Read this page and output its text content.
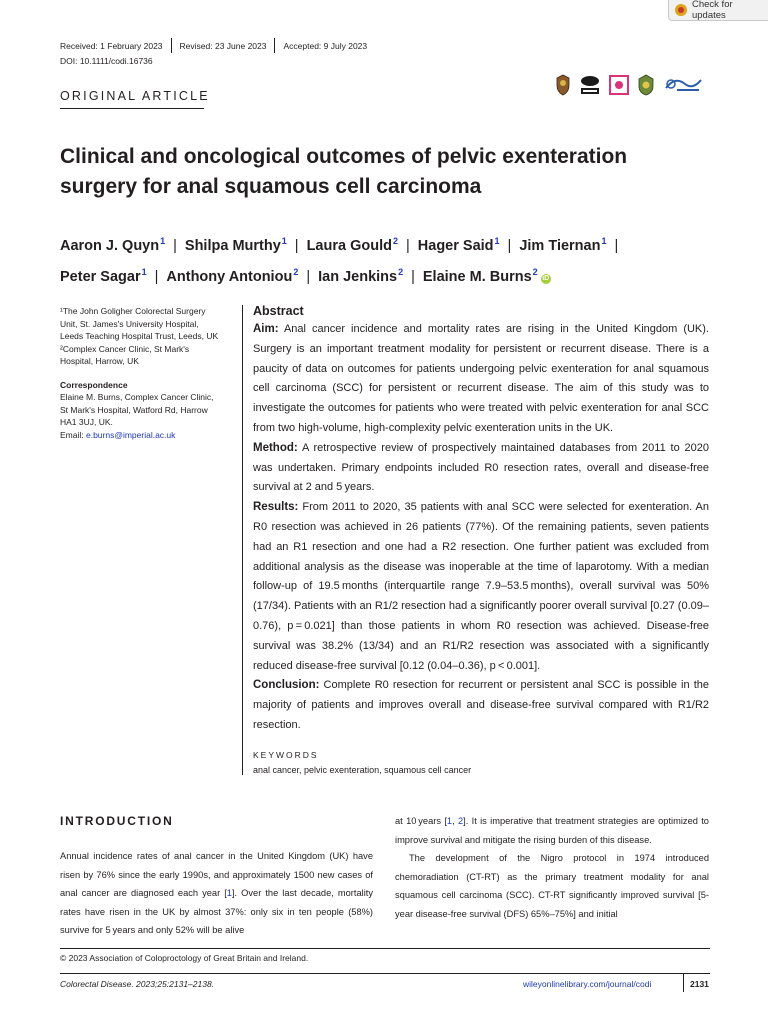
Check for updates
Received: 1 February 2023 Revised: 23 June 2023 Accepted: 9 July 2023
DOI: 10.1111/codi.16736
ORIGINAL ARTICLE
Clinical and oncological outcomes of pelvic exenteration surgery for anal squamous cell carcinoma
Aaron J. Quyn$^1$ | Shilpa Murthy$^1$ | Laura Gould$^2$ | Hager Said$^1$ | Jim Tiernan$^1$ |
Peter Sagar$^1$ | Anthony Antoniou$^2$ | Ian Jenkins$^2$ | Elaine M. Burns$^2$iD

¹The John Goligher Colorectal Surgery

Unit, St. James's University Hospital,

Leeds Teaching Hospital Trust, Leeds, UK

²Complex Cancer Clinic, St Mark's

Hospital, Harrow, UK

Correspondence

Elaine M. Burns, Complex Cancer Clinic,

St Mark's Hospital, Watford Rd, Harrow

HA1 3UJ, UK.

Email: e.burns@imperial.ac.uk

Abstract

Aim: Anal cancer incidence and mortality rates are rising in the United Kingdom (UK). Surgery is an important treatment modality for persistent or recurrent disease. There is a paucity of data on outcomes for patients undergoing pelvic exenteration for anal squamous cell carcinoma (SCC) for persistent or recurrent disease. The aim of this study was to investigate the outcomes for patients who were treated with pelvic exenteration for anal SCC from two high-volume, high-complexity pelvic exenteration units in the UK.

Method: A retrospective review of prospectively maintained databases from 2011 to 2020 was undertaken. Primary endpoints included R0 resection rates, overall and disease-free survival at 2 and 5 years.

Results: From 2011 to 2020, 35 patients with anal SCC were selected for exenteration. An R0 resection was achieved in 26 patients (77%). Of the remaining patients, seven patients had an R1 resection and one had a R2 resection. One further patient was excluded from additional analysis as the disease was inoperable at the time of laparotomy. With a median follow-up of 19.5 months (interquartile range 7.9–53.5 months), overall survival was 50% (17/34). Patients with an R1/2 resection had a significantly poorer overall survival [0.27 (0.09–0.76), p = 0.021] than those patients in whom R0 resection was achieved. Disease-free survival was 38.2% (13/34) and an R1/R2 resection was associated with a significantly reduced disease-free survival [0.12 (0.04–0.36), p < 0.001].

Conclusion: Complete R0 resection for recurrent or persistent anal SCC is possible in the majority of patients and improves overall and disease-free survival compared with R1/R2 resection.

KEYWORDS
anal cancer, pelvic exenteration, squamous cell cancer
INTRODUCTION

Annual incidence rates of anal cancer in the United Kingdom (UK) have risen by 76% since the early 1990s, and approximately 1500 new cases of anal cancer are diagnosed each year [1]. Over the last decade, mortality rates have risen in the UK by almost 37%: only six in ten people (58%) survive for 5 years and only 52% will be alive

at 10 years [1, 2]. It is imperative that treatment strategies are optimized to improve survival and mitigate the rising burden of this disease.

The development of the Nigro protocol in 1974 introduced chemoradiation (CT-RT) as the primary treatment modality for anal squamous cell carcinoma (SCC). CT-RT significantly improved survival [5-year disease-free survival (DFS) 65%–75%] and initial

© 2023 Association of Coloproctology of Great Britain and Ireland.
Colorectal Disease. 2023;25:2131–2138.	wileyonlinelibrary.com/journal/codi	2131
